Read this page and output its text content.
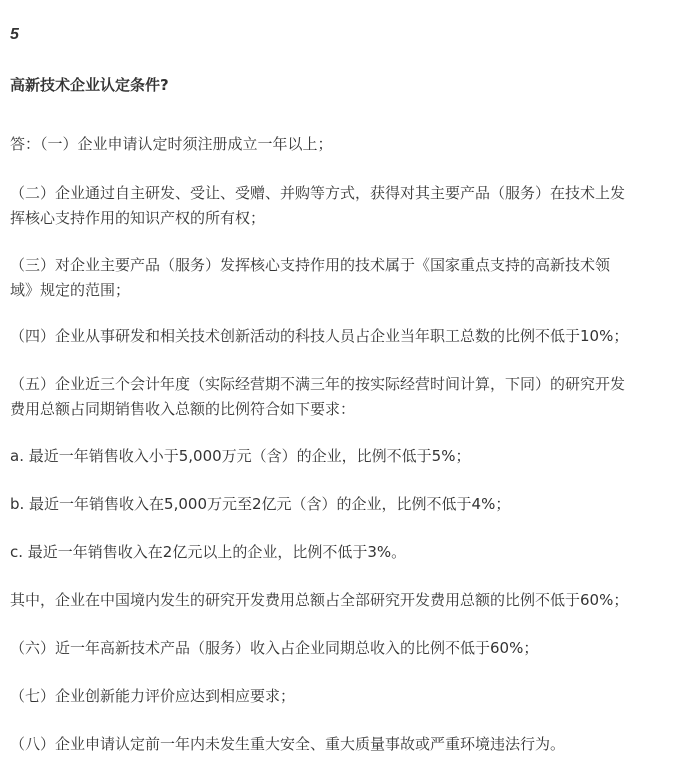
5
高新技术企业认定条件?
答：（一）企业申请认定时须注册成立一年以上；
（二）企业通过自主研发、受让、受赠、并购等方式，获得对其主要产品（服务）在技术上发
挥核心支持作用的知识产权的所有权；
（三）对企业主要产品（服务）发挥核心支持作用的技术属于《国家重点支持的高新技术领
域》规定的范围；
（四）企业从事研发和相关技术创新活动的科技人员占企业当年职工总数的比例不低于10%；
（五）企业近三个会计年度（实际经营期不满三年的按实际经营时间计算，下同）的研究开发
费用总额占同期销售收入总额的比例符合如下要求：
a. 最近一年销售收入小于5,000万元（含）的企业，比例不低于5%；
b. 最近一年销售收入在5,000万元至2亿元（含）的企业，比例不低于4%；
c. 最近一年销售收入在2亿元以上的企业，比例不低于3%。
其中，企业在中国境内发生的研究开发费用总额占全部研究开发费用总额的比例不低于60%；
（六）近一年高新技术产品（服务）收入占企业同期总收入的比例不低于60%；
（七）企业创新能力评价应达到相应要求；
（八）企业申请认定前一年内未发生重大安全、重大质量事故或严重环境违法行为。
